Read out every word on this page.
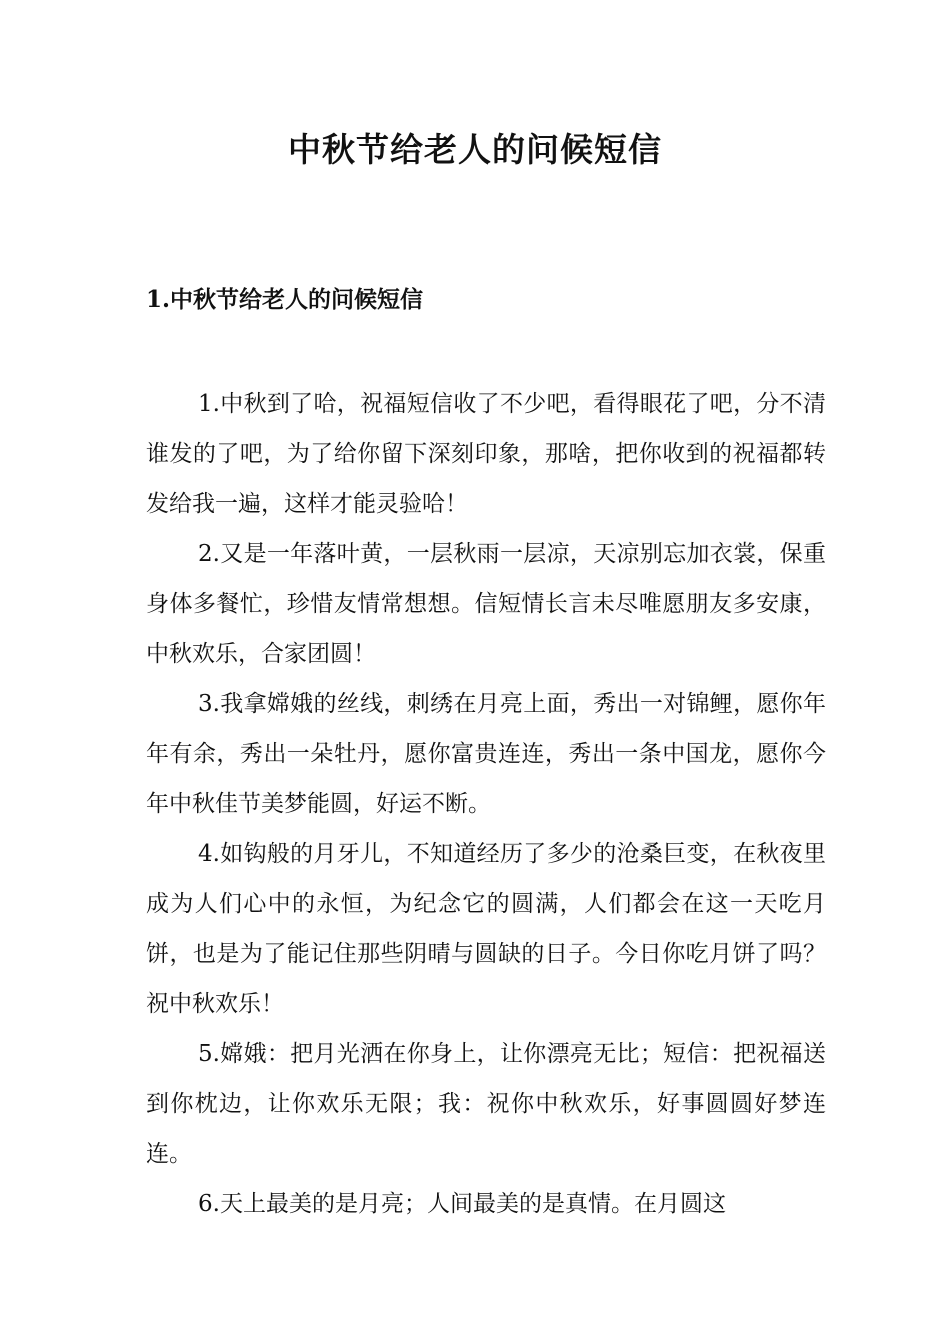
中秋节给老人的问候短信
1.中秋节给老人的问候短信

1.中秋到了哈，祝福短信收了不少吧，看得眼花了吧，分不清谁发的了吧，为了给你留下深刻印象，那啥，把你收到的祝福都转发给我一遍，这样才能灵验哈！

2.又是一年落叶黄，一层秋雨一层凉，天凉别忘加衣裳，保重身体多餐忙，珍惜友情常想想。信短情长言未尽唯愿朋友多安康，中秋欢乐，合家团圆！

3.我拿嫦娥的丝线，刺绣在月亮上面，秀出一对锦鲤，愿你年年有余，秀出一朵牡丹，愿你富贵连连，秀出一条中国龙，愿你今年中秋佳节美梦能圆，好运不断。

4.如钩般的月牙儿，不知道经历了多少的沧桑巨变，在秋夜里成为人们心中的永恒，为纪念它的圆满，人们都会在这一天吃月饼，也是为了能记住那些阴晴与圆缺的日子。今日你吃月饼了吗？祝中秋欢乐！

5.嫦娥：把月光洒在你身上，让你漂亮无比；短信：把祝福送到你枕边，让你欢乐无限；我：祝你中秋欢乐，好事圆圆好梦连连。

6.天上最美的是月亮；人间最美的是真情。在月圆这
